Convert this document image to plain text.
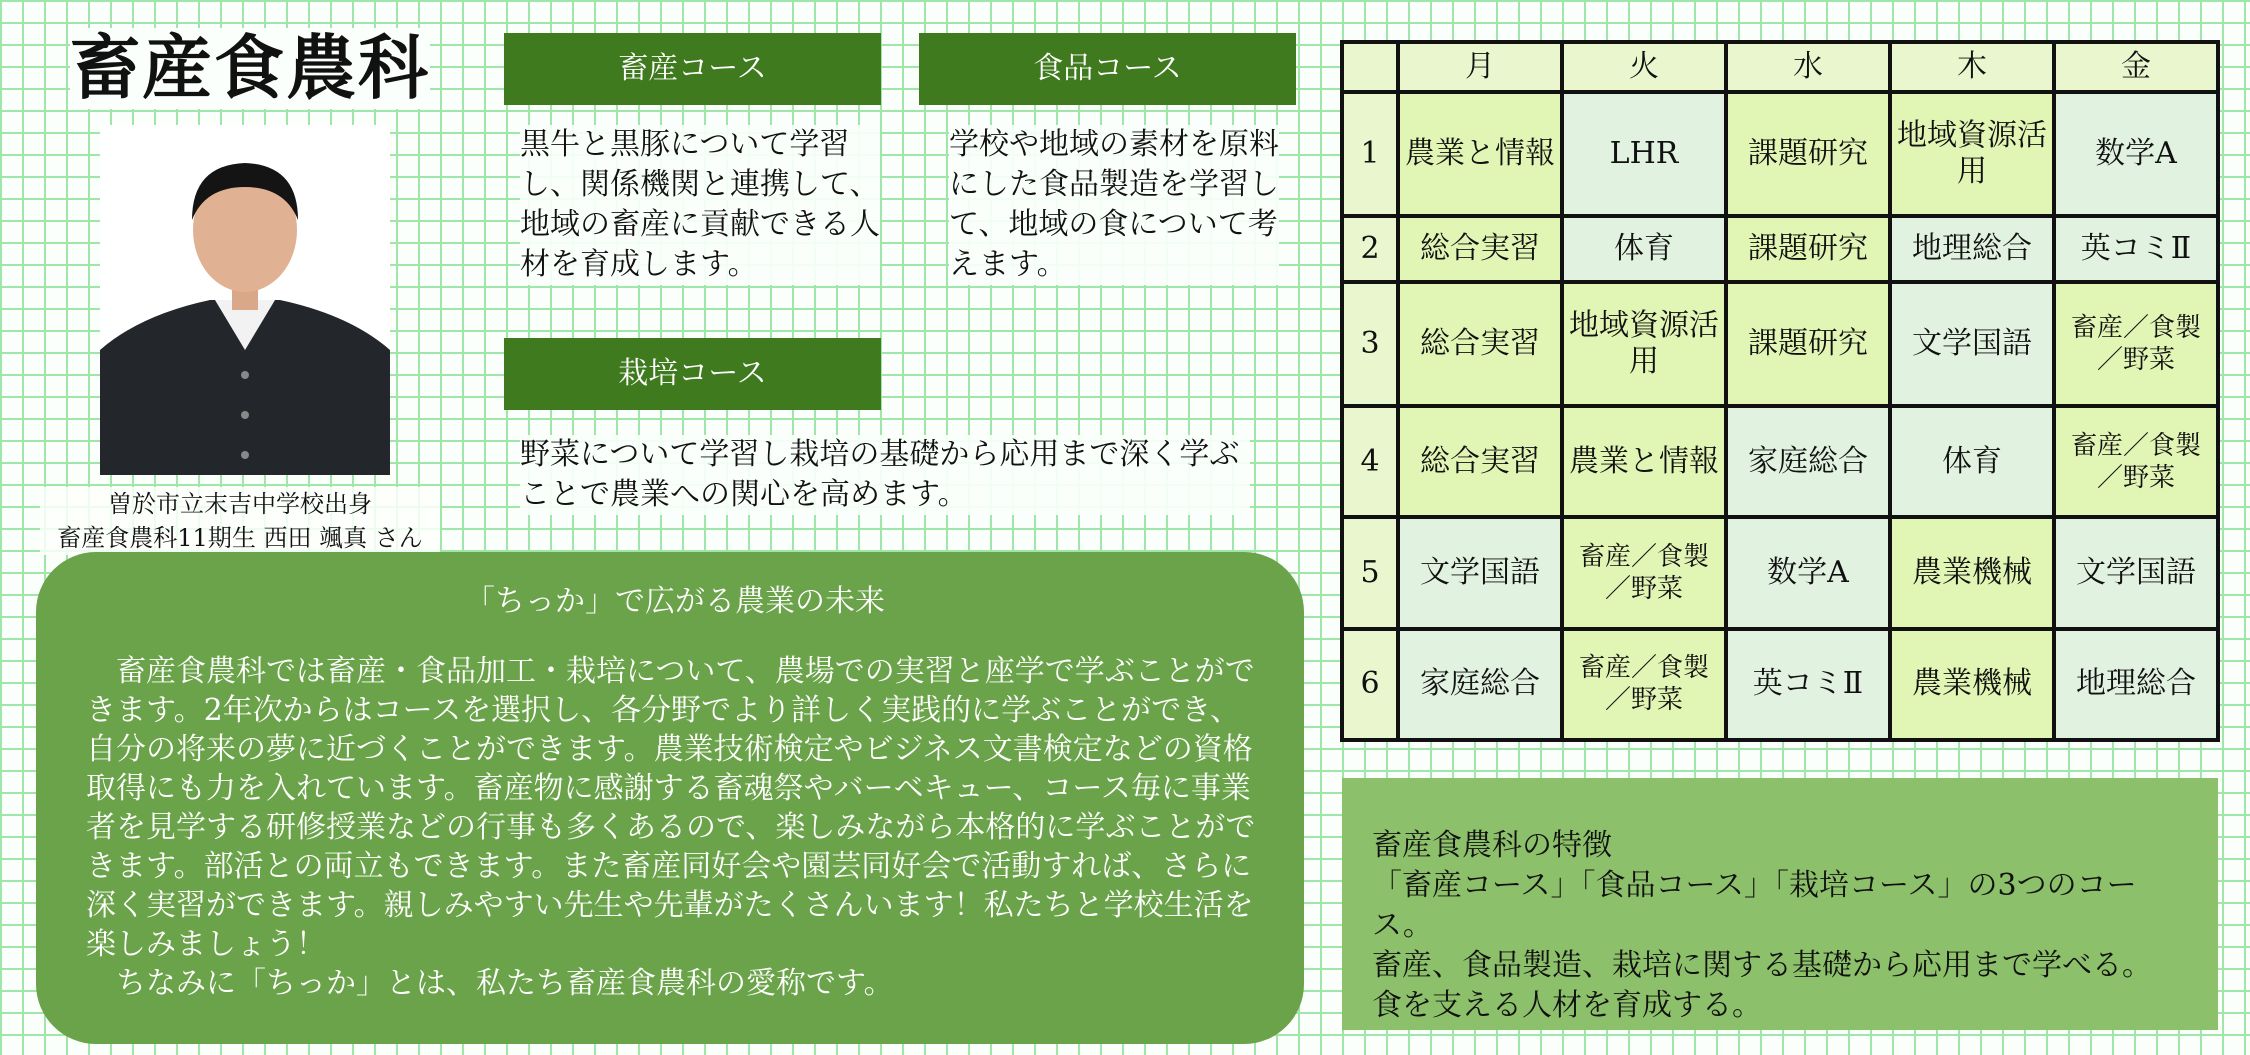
畜産食農科
曽於市立末吉中学校出身
畜産食農科11期生 西田 颯真 さん
畜産コース
黒牛と黒豚について学習し、関係機関と連携して、地域の畜産に貢献できる人材を育成します。
食品コース
学校や地域の素材を原料にした食品製造を学習して、地域の食について考えます。
栽培コース
野菜について学習し栽培の基礎から応用まで深く学ぶことで農業への関心を高めます。
「ちっか」で広がる農業の未来

畜産食農科では畜産・食品加工・栽培について、農場での実習と座学で学ぶことができます。2年次からはコースを選択し、各分野でより詳しく実践的に学ぶことができ、自分の将来の夢に近づくことができます。農業技術検定やビジネス文書検定などの資格取得にも力を入れています。畜産物に感謝する畜魂祭やバーベキュー、コース毎に事業者を見学する研修授業などの行事も多くあるので、楽しみながら本格的に学ぶことができます。部活との両立もできます。また畜産同好会や園芸同好会で活動すれば、さらに深く実習ができます。親しみやすい先生や先輩がたくさんいます！私たちと学校生活を楽しみましょう！

ちなみに「ちっか」とは、私たち畜産食農科の愛称です。

	月	火	水	木	金
1	農業と情報	LHR	課題研究	地域資源活用	数学A
2	総合実習	体育	課題研究	地理総合	英コミⅡ
3	総合実習	地域資源活用	課題研究	文学国語	畜産／食製／野菜
4	総合実習	農業と情報	家庭総合	体育	畜産／食製／野菜
5	文学国語	畜産／食製／野菜	数学A	農業機械	文学国語
6	家庭総合	畜産／食製／野菜	英コミⅡ	農業機械	地理総合
畜産食農科の特徴
「畜産コース」「食品コース」「栽培コース」の3つのコース。
畜産、食品製造、栽培に関する基礎から応用まで学べる。
食を支える人材を育成する。
